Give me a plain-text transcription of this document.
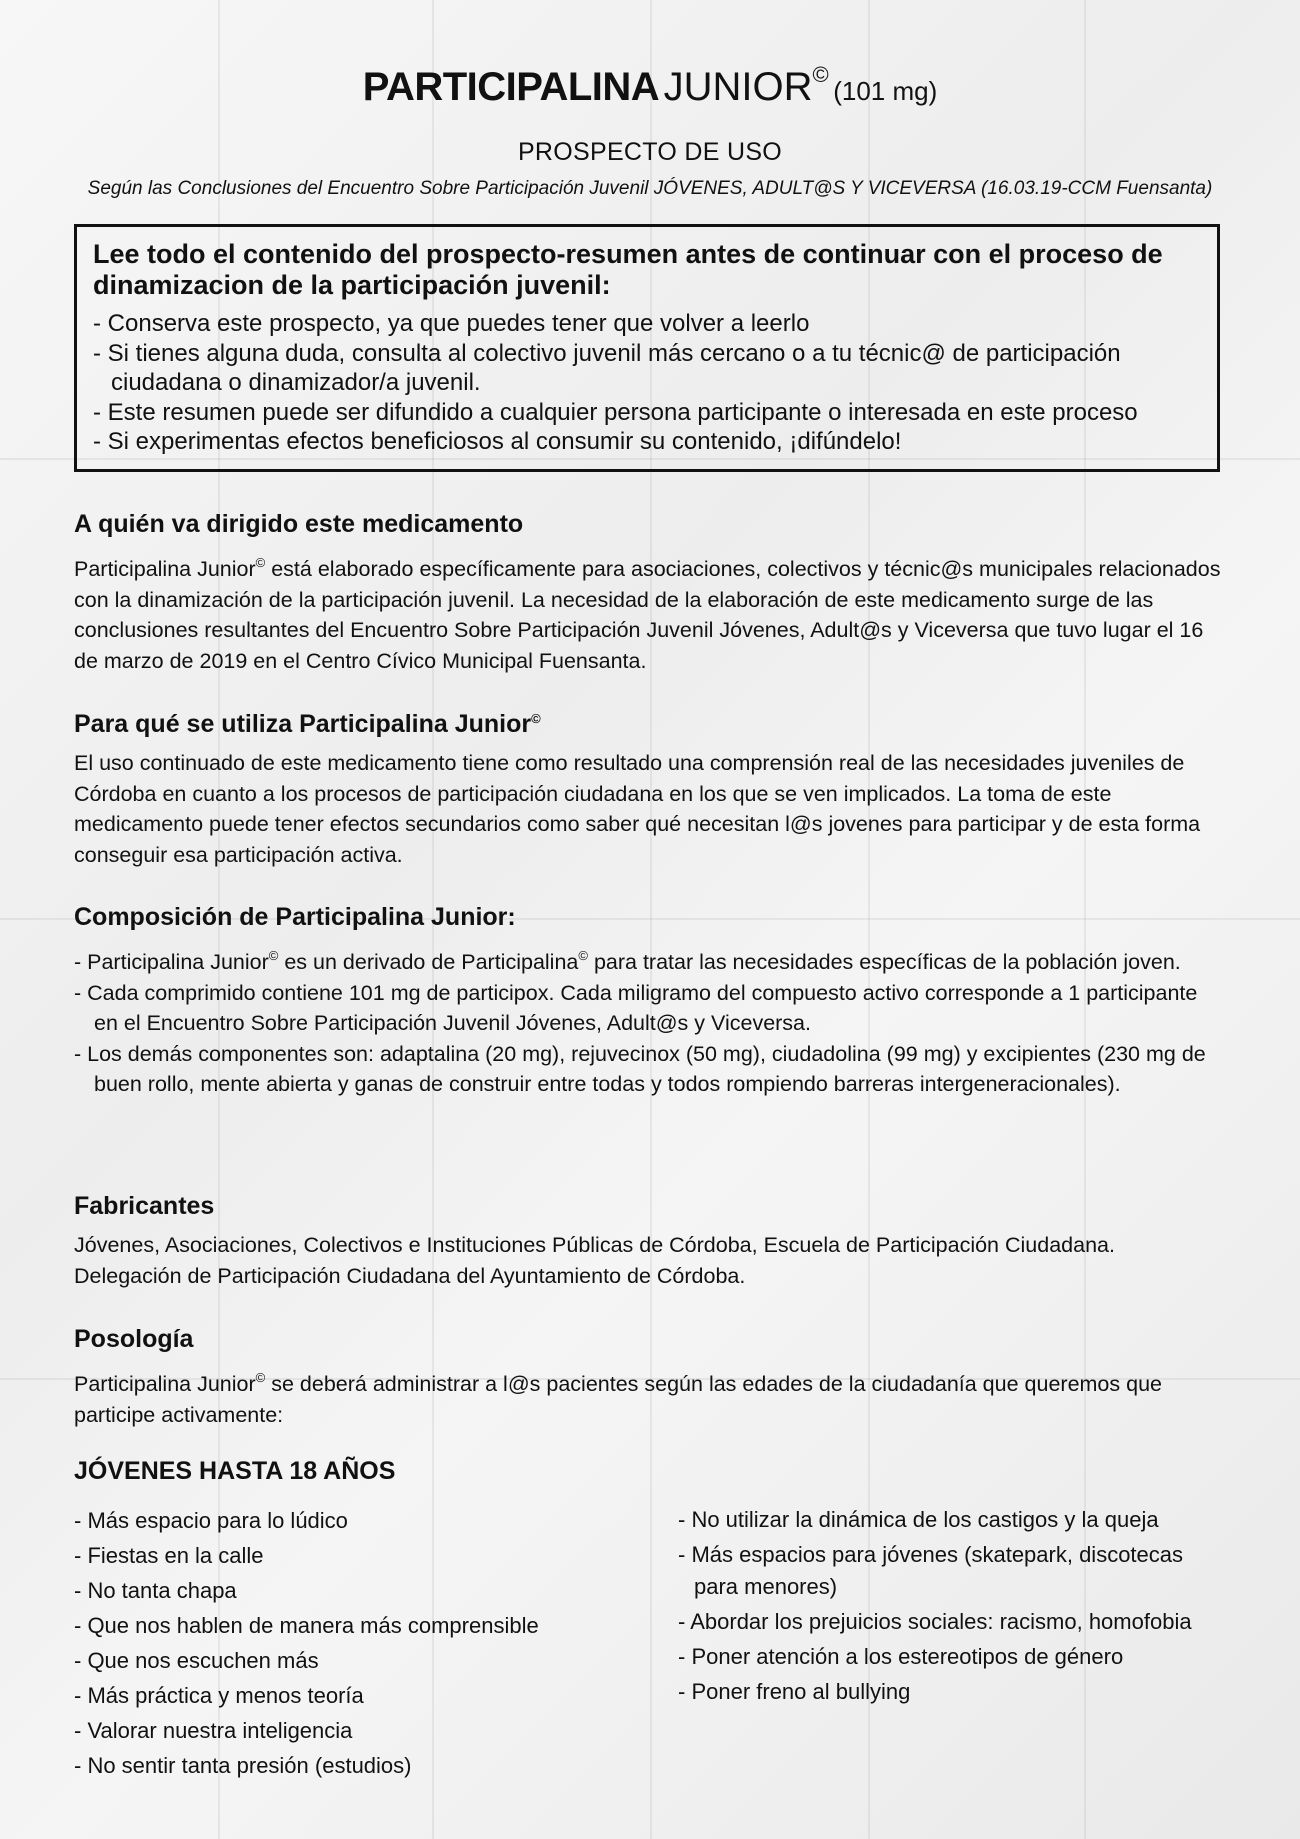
PARTICIPALINA JUNIOR© (101 mg)
PROSPECTO DE USO
Según las Conclusiones del Encuentro Sobre Participación Juvenil JÓVENES, ADULT@S Y VICEVERSA (16.03.19-CCM Fuensanta)

Lee todo el contenido del prospecto-resumen antes de continuar con el proceso de dinamizacion de la participación juvenil:

- Conserva este prospecto, ya que puedes tener que volver a leerlo
- Si tienes alguna duda, consulta al colectivo juvenil más cercano o a tu técnic@ de participación ciudadana o dinamizador/a juvenil.
- Este resumen puede ser difundido a cualquier persona participante o interesada en este proceso
- Si experimentas efectos beneficiosos al consumir su contenido, ¡difúndelo!
A quién va dirigido este medicamento

Participalina Junior© está elaborado específicamente para asociaciones, colectivos y técnic@s municipales relacionados con la dinamización de la participación juvenil. La necesidad de la elaboración de este medicamento surge de las conclusiones resultantes del Encuentro Sobre Participación Juvenil Jóvenes, Adult@s y Viceversa que tuvo lugar el 16 de marzo de 2019 en el Centro Cívico Municipal Fuensanta.

Para qué se utiliza Participalina Junior©

El uso continuado de este medicamento tiene como resultado una comprensión real de las necesidades juveniles de Córdoba en cuanto a los procesos de participación ciudadana en los que se ven implicados. La toma de este medicamento puede tener efectos secundarios como saber qué necesitan l@s jovenes para participar y de esta forma conseguir esa participación activa.

Composición de Participalina Junior:
- Participalina Junior© es un derivado de Participalina© para tratar las necesidades específicas de la población joven.
- Cada comprimido contiene 101 mg de participox. Cada miligramo del compuesto activo corresponde a 1 participante en el Encuentro Sobre Participación Juvenil Jóvenes, Adult@s y Viceversa.
- Los demás componentes son: adaptalina (20 mg), rejuvecinox (50 mg), ciudadolina (99 mg) y excipientes (230 mg de buen rollo, mente abierta y ganas de construir entre todas y todos rompiendo barreras intergeneracionales).
Fabricantes

Jóvenes, Asociaciones, Colectivos e Instituciones Públicas de Córdoba, Escuela de Participación Ciudadana. Delegación de Participación Ciudadana del Ayuntamiento de Córdoba.

Posología

Participalina Junior© se deberá administrar a l@s pacientes según las edades de la ciudadanía que queremos que participe activamente:

JÓVENES HASTA 18 AÑOS
- Más espacio para lo lúdico
- Fiestas en la calle
- No tanta chapa
- Que nos hablen de manera más comprensible
- Que nos escuchen más
- Más práctica y menos teoría
- Valorar nuestra inteligencia
- No sentir tanta presión (estudios)
- No utilizar la dinámica de los castigos y la queja
- Más espacios para jóvenes (skatepark, discotecas para menores)
- Abordar los prejuicios sociales: racismo, homofobia
- Poner atención a los estereotipos de género
- Poner freno al bullying
